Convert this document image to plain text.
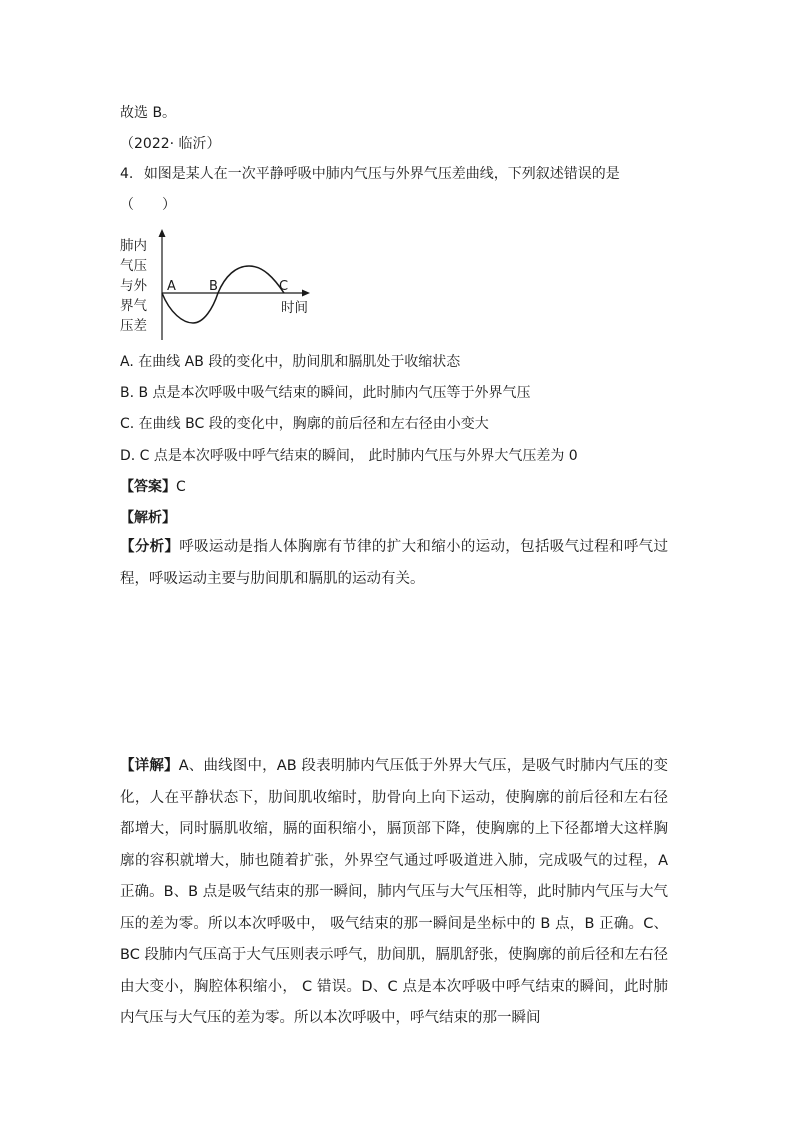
故选 B。
（2022· 临沂）
4. 如图是某人在一次平静呼吸中肺内气压与外界气压差曲线，下列叙述错误的是
（　　）
肺内
气压
与外
界气
压差
A	B	C
时间
A. 在曲线 AB 段的变化中，肋间肌和膈肌处于收缩状态
B. B 点是本次呼吸中吸气结束的瞬间，此时肺内气压等于外界气压
C. 在曲线 BC 段的变化中，胸廓的前后径和左右径由小变大
D. C 点是本次呼吸中呼气结束的瞬间， 此时肺内气压与外界大气压差为 0
【答案】C
【解析】
【分析】呼吸运动是指人体胸廓有节律的扩大和缩小的运动，包括吸气过程和呼气过程，呼吸运动主要与肋间肌和膈肌的运动有关。
【详解】A、曲线图中，AB 段表明肺内气压低于外界大气压，是吸气时肺内气压的变化，人在平静状态下，肋间肌收缩时，肋骨向上向下运动，使胸廓的前后径和左右径都增大，同时膈肌收缩，膈的面积缩小，膈顶部下降，使胸廓的上下径都增大这样胸廓的容积就增大，肺也随着扩张，外界空气通过呼吸道进入肺，完成吸气的过程，A 正确。B、B 点是吸气结束的那一瞬间，肺内气压与大气压相等，此时肺内气压与大气压的差为零。所以本次呼吸中， 吸气结束的那一瞬间是坐标中的 B 点，B 正确。C、BC 段肺内气压高于大气压则表示呼气，肋间肌，膈肌舒张，使胸廓的前后径和左右径由大变小，胸腔体积缩小， C 错误。D、C 点是本次呼吸中呼气结束的瞬间，此时肺内气压与大气压的差为零。所以本次呼吸中，呼气结束的那一瞬间
